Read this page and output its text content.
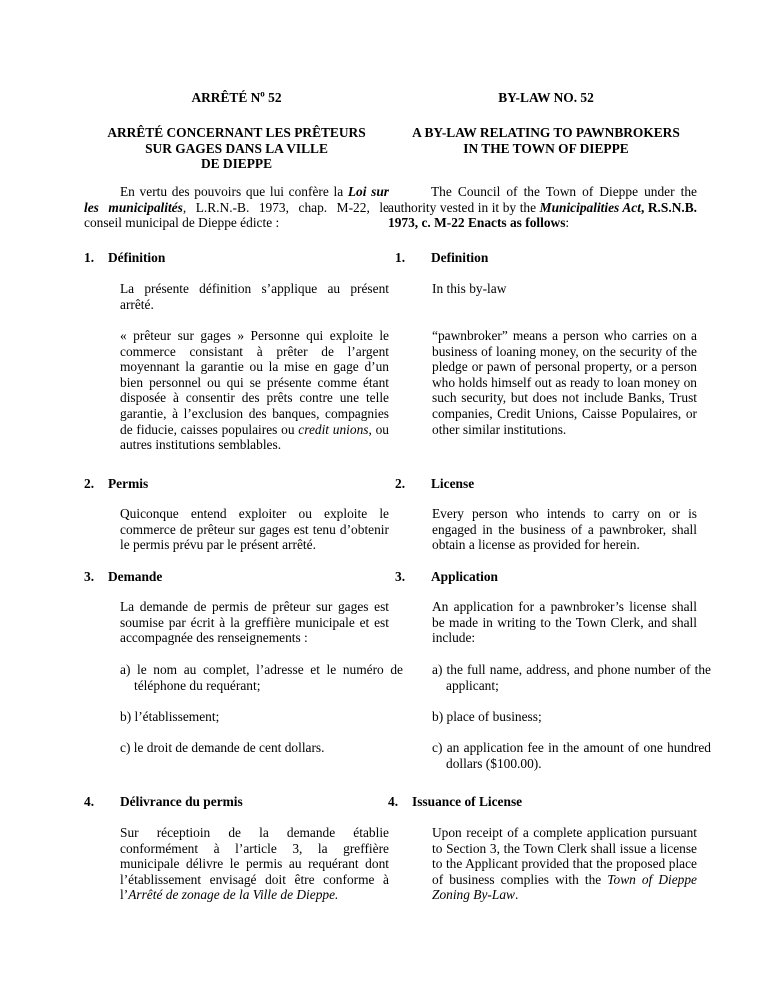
ARRÊTÉ $N^o$ 52
ARRÊTÉ CONCERNANT LES PRÊTEURS
SUR GAGES DANS LA VILLE
DE DIEPPE
En vertu des pouvoirs que lui confère la Loi sur les municipalités, L.R.N.-B. 1973, chap. M-22, le conseil municipal de Dieppe édicte :
1. Définition
La présente définition s’applique au présent arrêté.
« prêteur sur gages » Personne qui exploite le commerce consistant à prêter de l’argent moyennant la garantie ou la mise en gage d’un bien personnel ou qui se présente comme étant disposée à consentir des prêts contre une telle garantie, à l’exclusion des banques, compagnies de fiducie, caisses populaires ou credit unions, ou autres institutions semblables.
2. Permis
Quiconque entend exploiter ou exploite le commerce de prêteur sur gages est tenu d’obtenir le permis prévu par le présent arrêté.
3. Demande
La demande de permis de prêteur sur gages est soumise par écrit à la greffière municipale et est accompagnée des renseignements :
a) le nom au complet, l’adresse et le numéro de téléphone du requérant;
b) l’établissement;
c) le droit de demande de cent dollars.
4. Délivrance du permis
Sur réceptioin de la demande établie conformément à l’article 3, la greffière municipale délivre le permis au requérant dont l’établissement envisagé doit être conforme à l’Arrêté de zonage de la Ville de Dieppe.
BY-LAW NO. 52
A BY-LAW RELATING TO PAWNBROKERS
IN THE TOWN OF DIEPPE
The Council of the Town of Dieppe under the authority vested in it by the Municipalities Act, R.S.N.B. 1973, c. M-22 Enacts as follows:
1. Definition
In this by-law
“pawnbroker” means a person who carries on a business of loaning money, on the security of the pledge or pawn of personal property, or a person who holds himself out as ready to loan money on such security, but does not include Banks, Trust companies, Credit Unions, Caisse Populaires, or other similar institutions.
2. License
Every person who intends to carry on or is engaged in the business of a pawnbroker, shall obtain a license as provided for herein.
3. Application
An application for a pawnbroker’s license shall be made in writing to the Town Clerk, and shall include:
a) the full name, address, and phone number of the applicant;
b) place of business;
c) an application fee in the amount of one hundred dollars ($100.00).
4. Issuance of License
Upon receipt of a complete application pursuant to Section 3, the Town Clerk shall issue a license to the Applicant provided that the proposed place of business complies with the Town of Dieppe Zoning By-Law.
